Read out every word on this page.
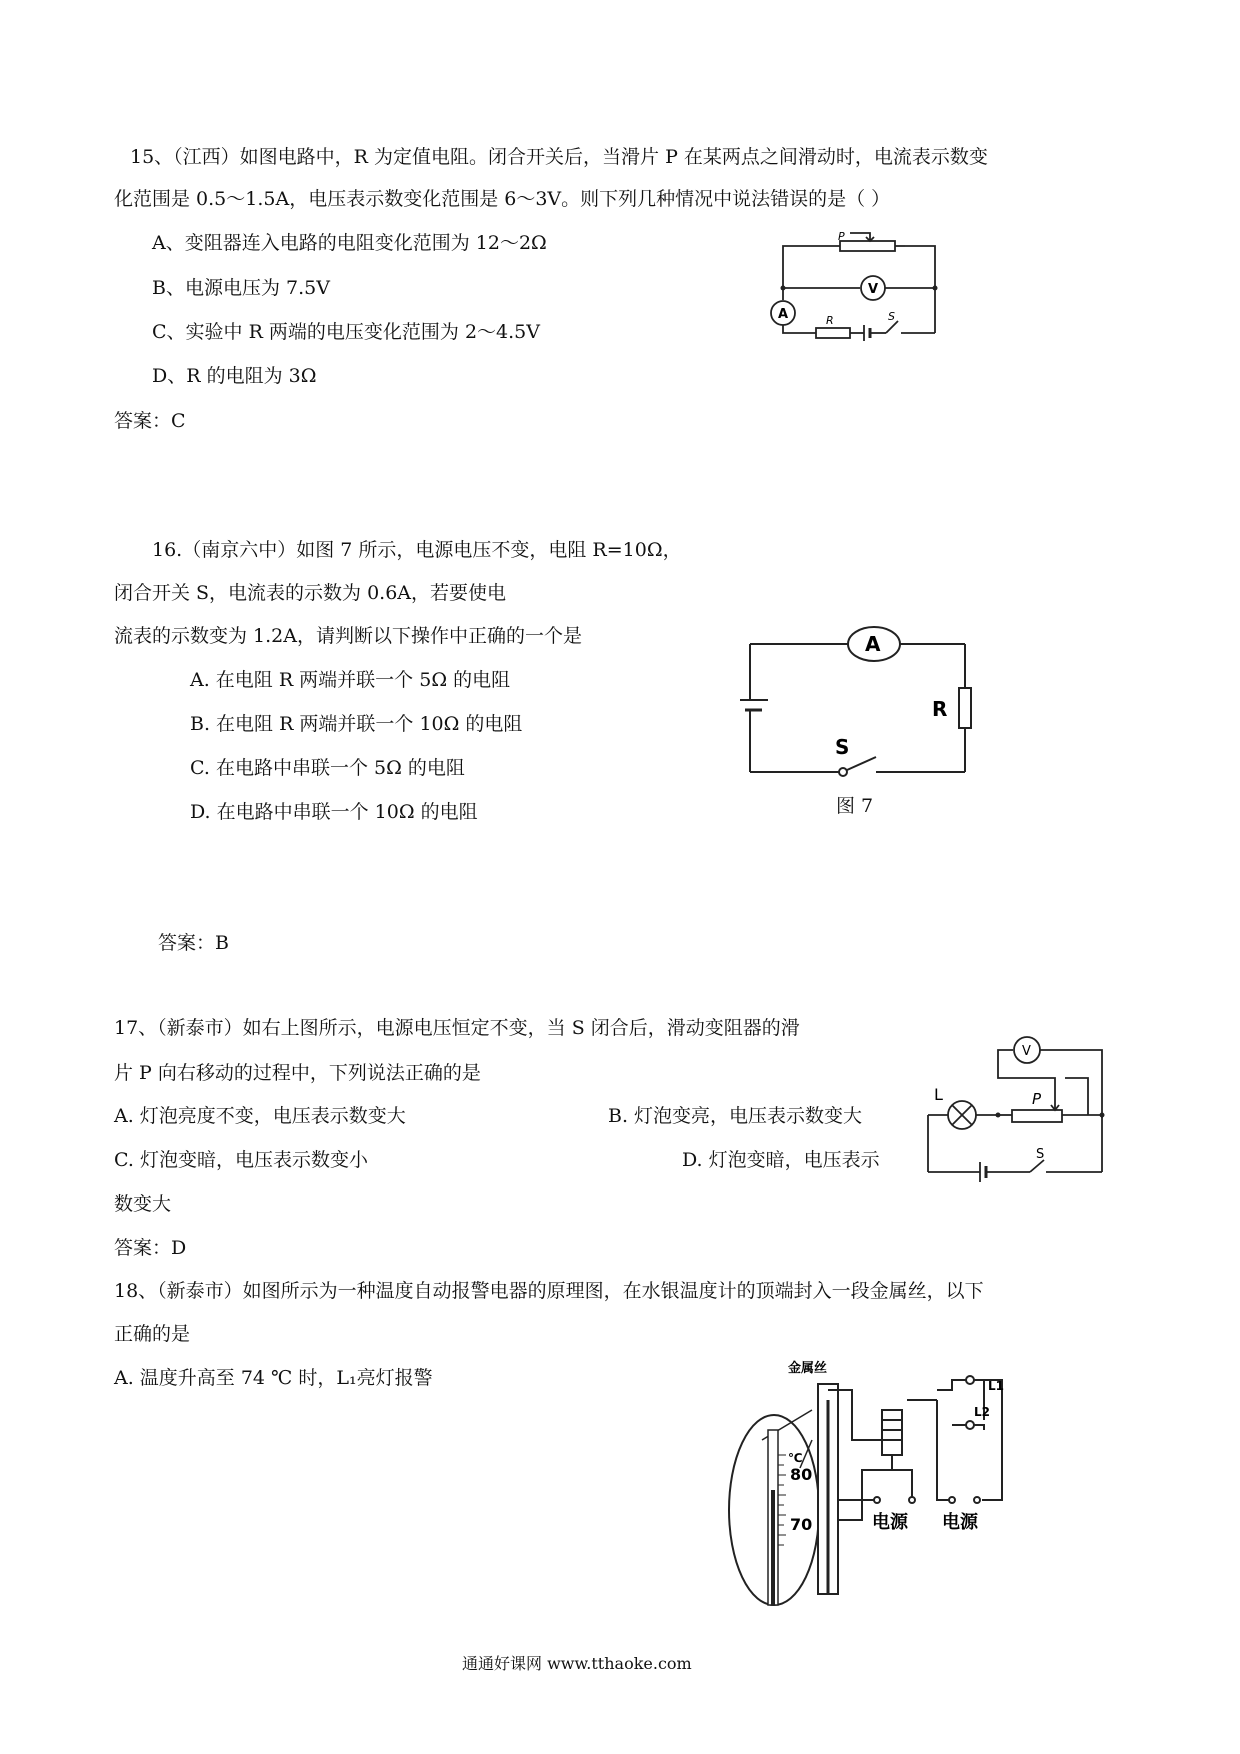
15、（江西）如图电路中，R 为定值电阻。闭合开关后，当滑片 P 在某两点之间滑动时，电流表示数变
化范围是 0.5～1.5A，电压表示数变化范围是 6～3V。则下列几种情况中说法错误的是（ ）
A、变阻器连入电路的电阻变化范围为 12～2Ω
B、电源电压为 7.5V
C、实验中 R 两端的电压变化范围为 2～4.5V
D、R 的电阻为 3Ω
答案：C
P
V
A	R	S
16.（南京六中）如图 7 所示，电源电压不变，电阻 R=10Ω，
闭合开关 S，电流表的示数为 0.6A，若要使电
流表的示数变为 1.2A，请判断以下操作中正确的一个是
A. 在电阻 R 两端并联一个 5Ω 的电阻
B. 在电阻 R 两端并联一个 10Ω 的电阻
C. 在电路中串联一个 5Ω 的电阻
D. 在电路中串联一个 10Ω 的电阻
答案：B
A
R
S
图 7
17、（新泰市）如右上图所示，电源电压恒定不变，当 S 闭合后，滑动变阻器的滑
片 P 向右移动的过程中，下列说法正确的是
A. 灯泡亮度不变，电压表示数变大	B. 灯泡变亮，电压表示数变大
C. 灯泡变暗，电压表示数变小	D. 灯泡变暗，电压表示
数变大
答案：D
V
L	P
S
18、（新泰市）如图所示为一种温度自动报警电器的原理图，在水银温度计的顶端封入一段金属丝，以下
正确的是
A. 温度升高至 74 ℃ 时，L₁亮灯报警	金属丝
℃
80
70
L1
L2
电源 电源
通通好课网 www.tthaoke.com
